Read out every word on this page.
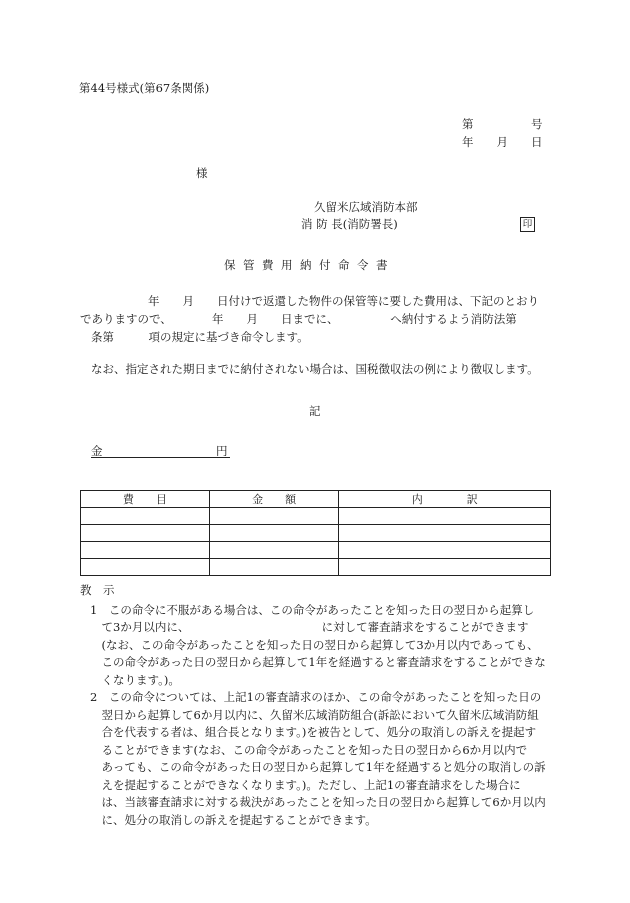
第44号様式(第67条関係)
第　　　　　号
年　　月　　日
様
久留米広域消防本部
消 防 長(消防署長)	印
保管費用納付命令書
年　　月　　日付けで返還した物件の保管等に要した費用は、下記のとおり
でありますので、　　　　年　　月　　日までに、　　　　　へ納付するよう消防法第
条第　　　項の規定に基づき命令します。
なお、指定された期日までに納付されない場合は、国税徴収法の例により徴収します。
記
金	円
費　　目	金　　額	内　　　　訳

教　示
1　この命令に不服がある場合は、この命令があったことを知った日の翌日から起算し
　て3か月以内に、　　　　　　　　　　　　に対して審査請求をすることができます
　(なお、この命令があったことを知った日の翌日から起算して3か月以内であっても、
　この命令があった日の翌日から起算して1年を経過すると審査請求をすることができな
　くなります。)。
2　この命令については、上記1の審査請求のほか、この命令があったことを知った日の
　翌日から起算して6か月以内に、久留米広域消防組合(訴訟において久留米広域消防組
　合を代表する者は、組合長となります。)を被告として、処分の取消しの訴えを提起す
　ることができます(なお、この命令があったことを知った日の翌日から6か月以内で
　あっても、この命令があった日の翌日から起算して1年を経過すると処分の取消しの訴
　えを提起することができなくなります。)。ただし、上記1の審査請求をした場合に
　は、当該審査請求に対する裁決があったことを知った日の翌日から起算して6か月以内
　に、処分の取消しの訴えを提起することができます。
